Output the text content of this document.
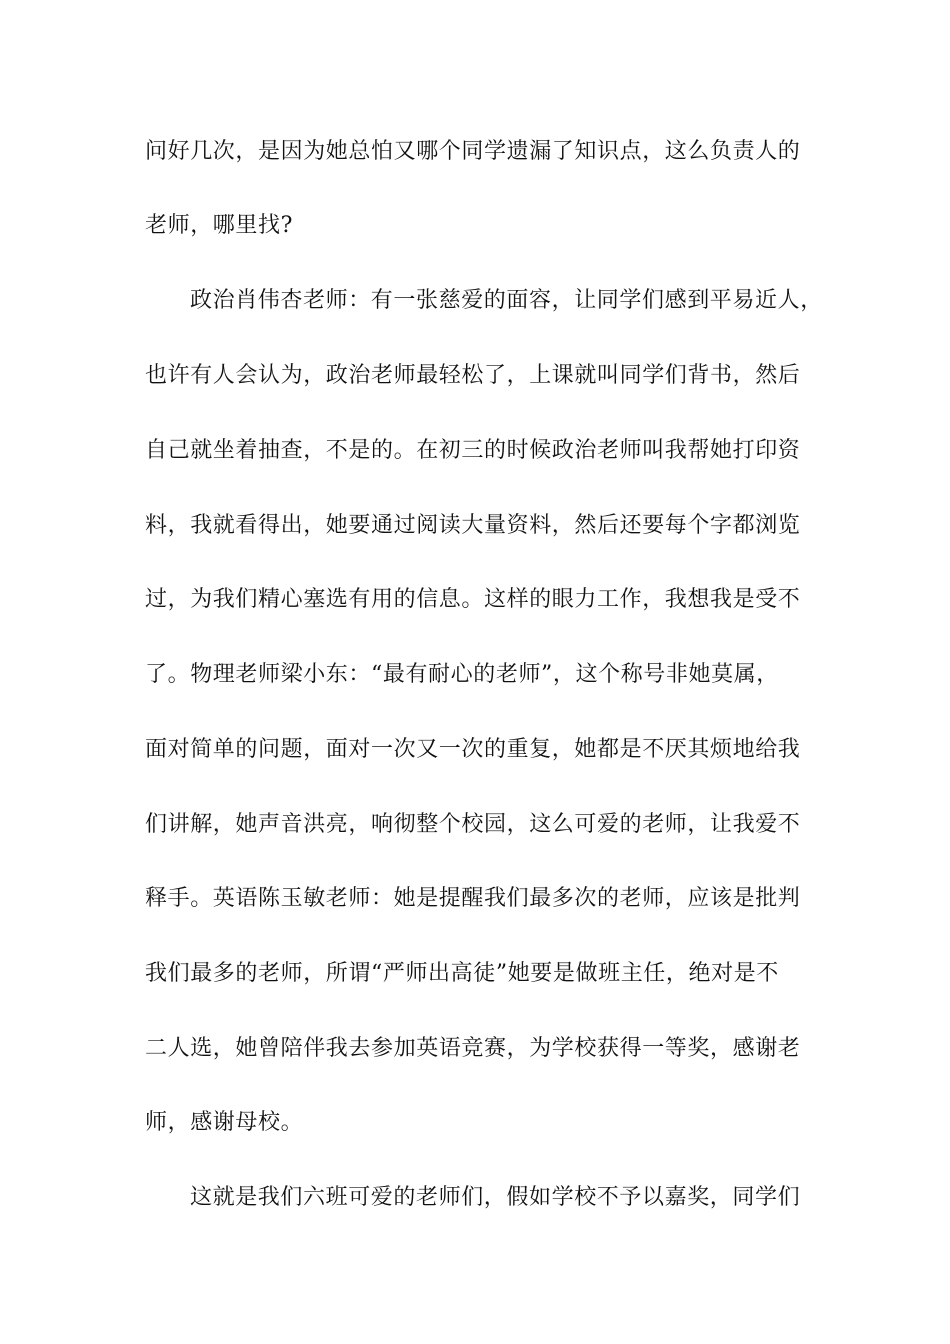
问好几次，是因为她总怕又哪个同学遗漏了知识点，这么负责人的
老师，哪里找?
政治肖伟杏老师：有一张慈爱的面容，让同学们感到平易近人，
也许有人会认为，政治老师最轻松了，上课就叫同学们背书，然后
自己就坐着抽查，不是的。在初三的时候政治老师叫我帮她打印资
料，我就看得出，她要通过阅读大量资料，然后还要每个字都浏览
过，为我们精心塞选有用的信息。这样的眼力工作，我想我是受不
了。物理老师梁小东：“最有耐心的老师”，这个称号非她莫属，
面对简单的问题，面对一次又一次的重复，她都是不厌其烦地给我
们讲解，她声音洪亮，响彻整个校园，这么可爱的老师，让我爱不
释手。英语陈玉敏老师：她是提醒我们最多次的老师，应该是批判
我们最多的老师，所谓“严师出高徒”她要是做班主任，绝对是不
二人选，她曾陪伴我去参加英语竞赛，为学校获得一等奖，感谢老
师，感谢母校。
这就是我们六班可爱的老师们，假如学校不予以嘉奖，同学们
